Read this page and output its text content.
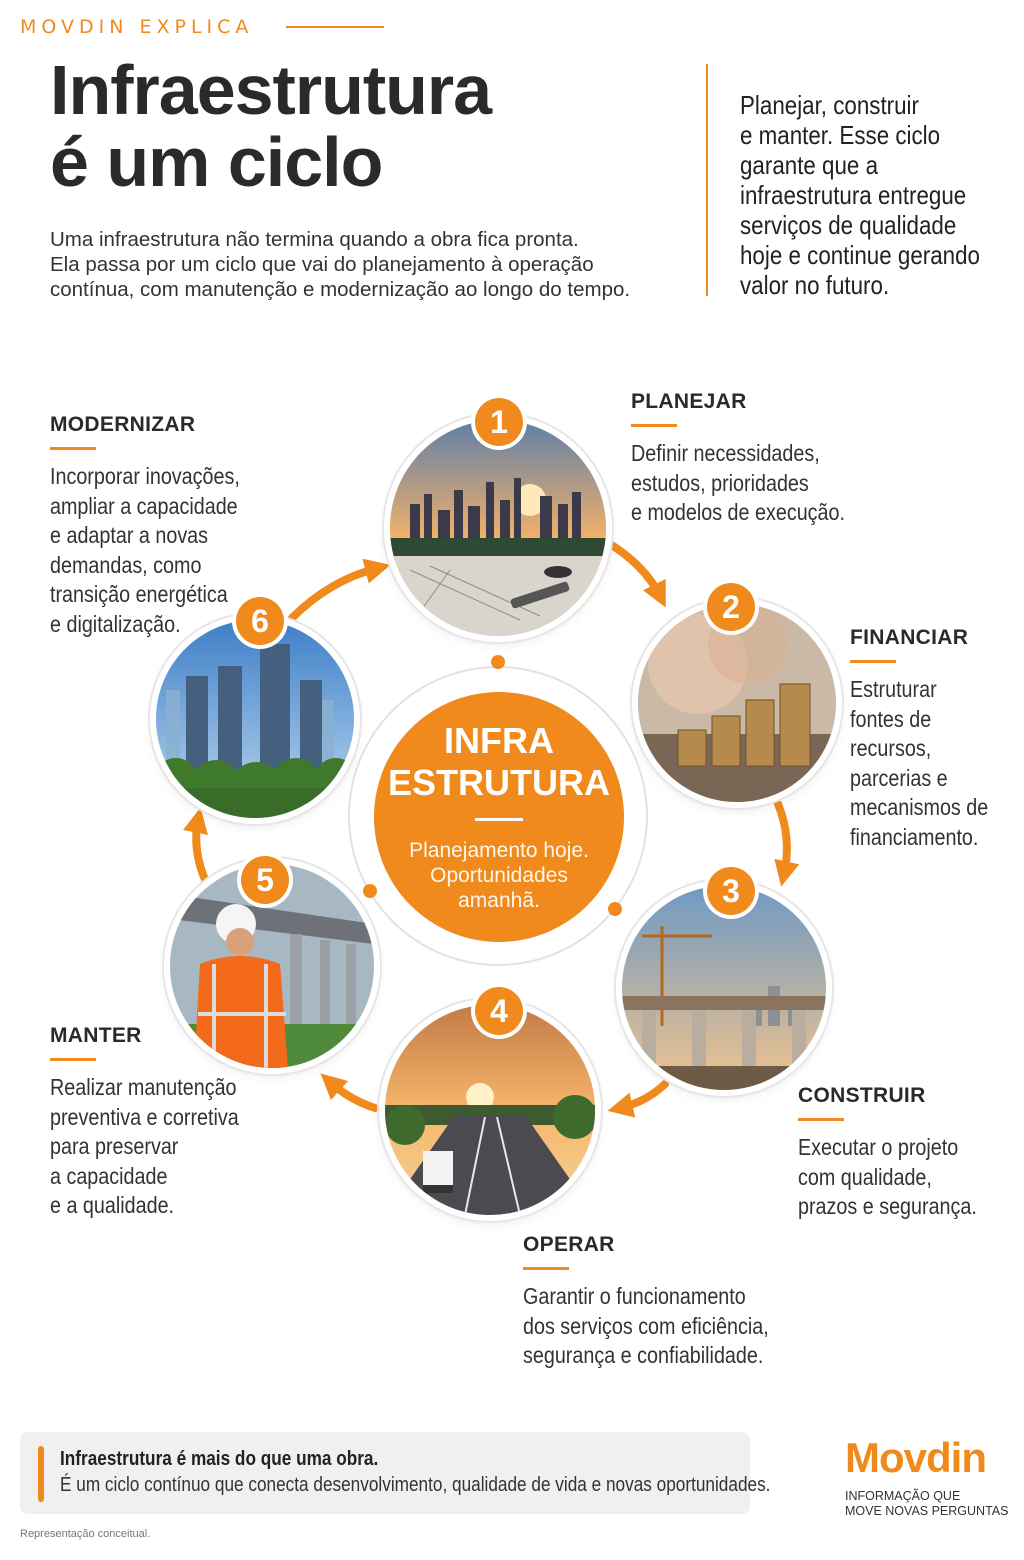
MOVDIN EXPLICA
Infraestrutura
é um ciclo

Uma infraestrutura não termina quando a obra fica pronta.
Ela passa por um ciclo que vai do planejamento à operação
contínua, com manutenção e modernização ao longo do tempo.

Planejar, construir
e manter. Esse ciclo
garante que a
infraestrutura entregue
serviços de qualidade
hoje e continue gerando
valor no futuro.

INFRA
ESTRUTURA
Planejamento hoje.
Oportunidades
amanhã.
1
2
3
4
5
6
PLANEJAR
Definir necessidades,
estudos, prioridades
e modelos de execução.
FINANCIAR
Estruturar
fontes de
recursos,
parcerias e
mecanismos de
financiamento.
CONSTRUIR
Executar o projeto
com qualidade,
prazos e segurança.
OPERAR
Garantir o funcionamento
dos serviços com eficiência,
segurança e confiabilidade.
MANTER
Realizar manutenção
preventiva e corretiva
para preservar
a capacidade
e a qualidade.
MODERNIZAR
Incorporar inovações,
ampliar a capacidade
e adaptar a novas
demandas, como
transição energética
e digitalização.
Infraestrutura é mais do que uma obra.
É um ciclo contínuo que conecta desenvolvimento, qualidade de vida e novas oportunidades.
Movdin
INFORMAÇÃO QUE
MOVE NOVAS PERGUNTAS
Representação conceitual.
